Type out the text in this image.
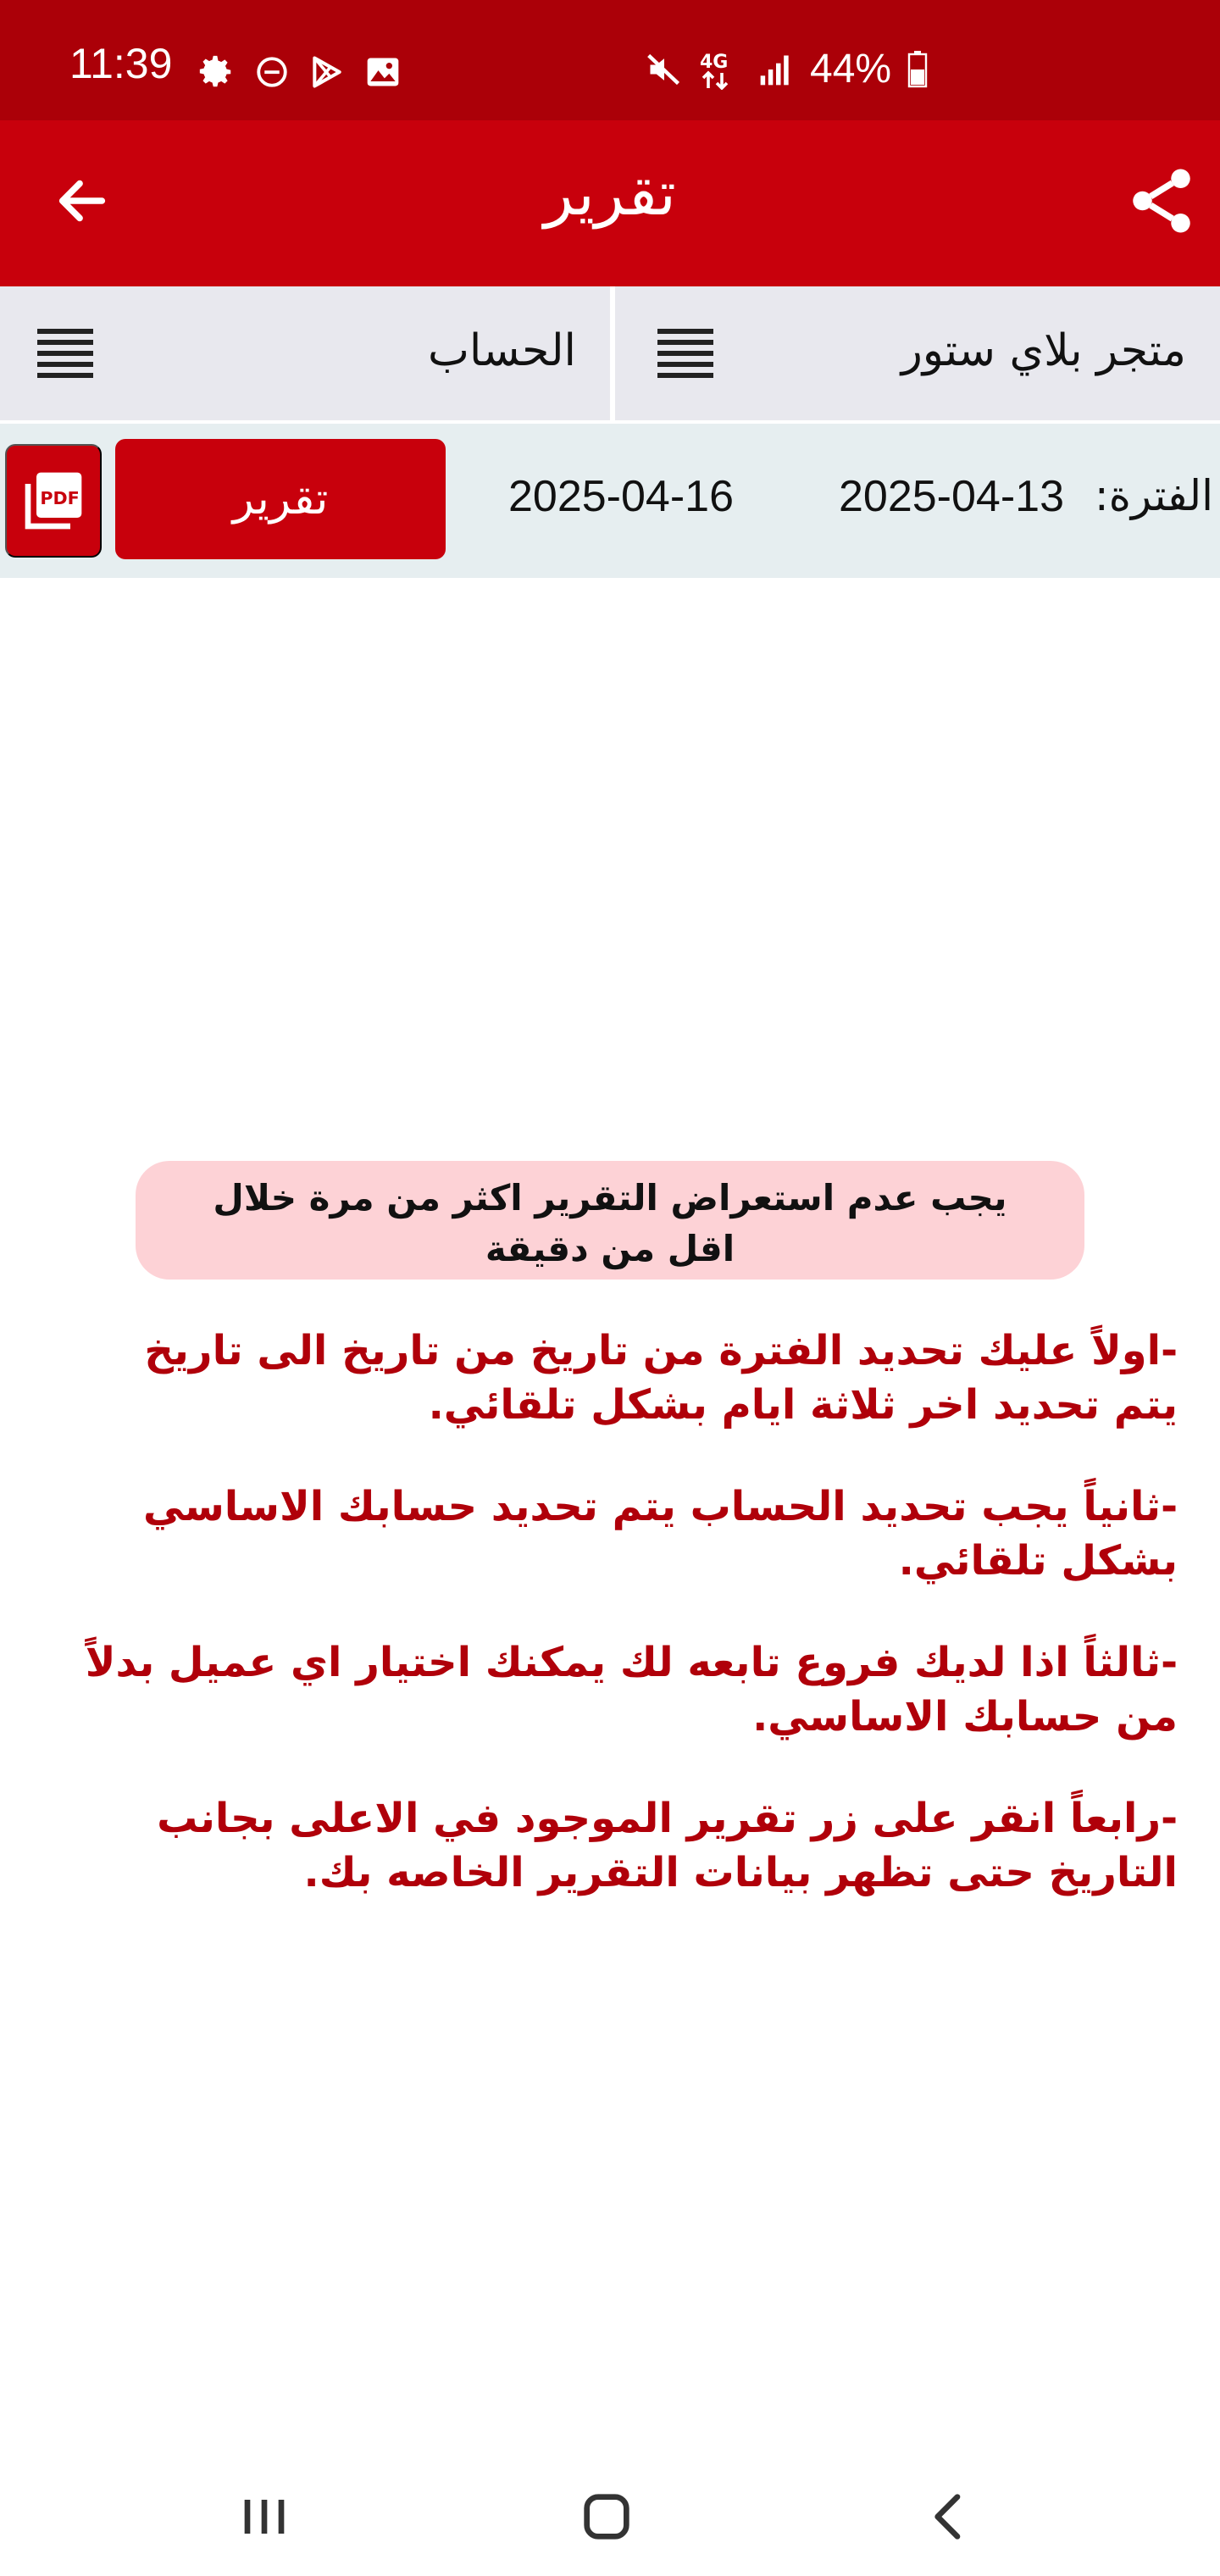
11:39	4G 44%
تقرير
الحساب	متجر بلاي ستور
PDF	تقرير	2025-04-16 2025-04-13 الفترة:
يجب عدم استعراض التقرير اكثر من مرة خلال اقل من دقيقة

-اولاً عليك تحديد الفترة من تاريخ من تاريخ الى تاريخ يتم تحديد اخر ثلاثة ايام بشكل تلقائي.

-ثانياً يجب تحديد الحساب يتم تحديد حسابك الاساسي بشكل تلقائي.

-ثالثاً اذا لديك فروع تابعه لك يمكنك اختيار اي عميل بدلاً من حسابك الاساسي.

-رابعاً انقر على زر تقرير الموجود في الاعلى بجانب التاريخ حتى تظهر بيانات التقرير الخاصه بك.
